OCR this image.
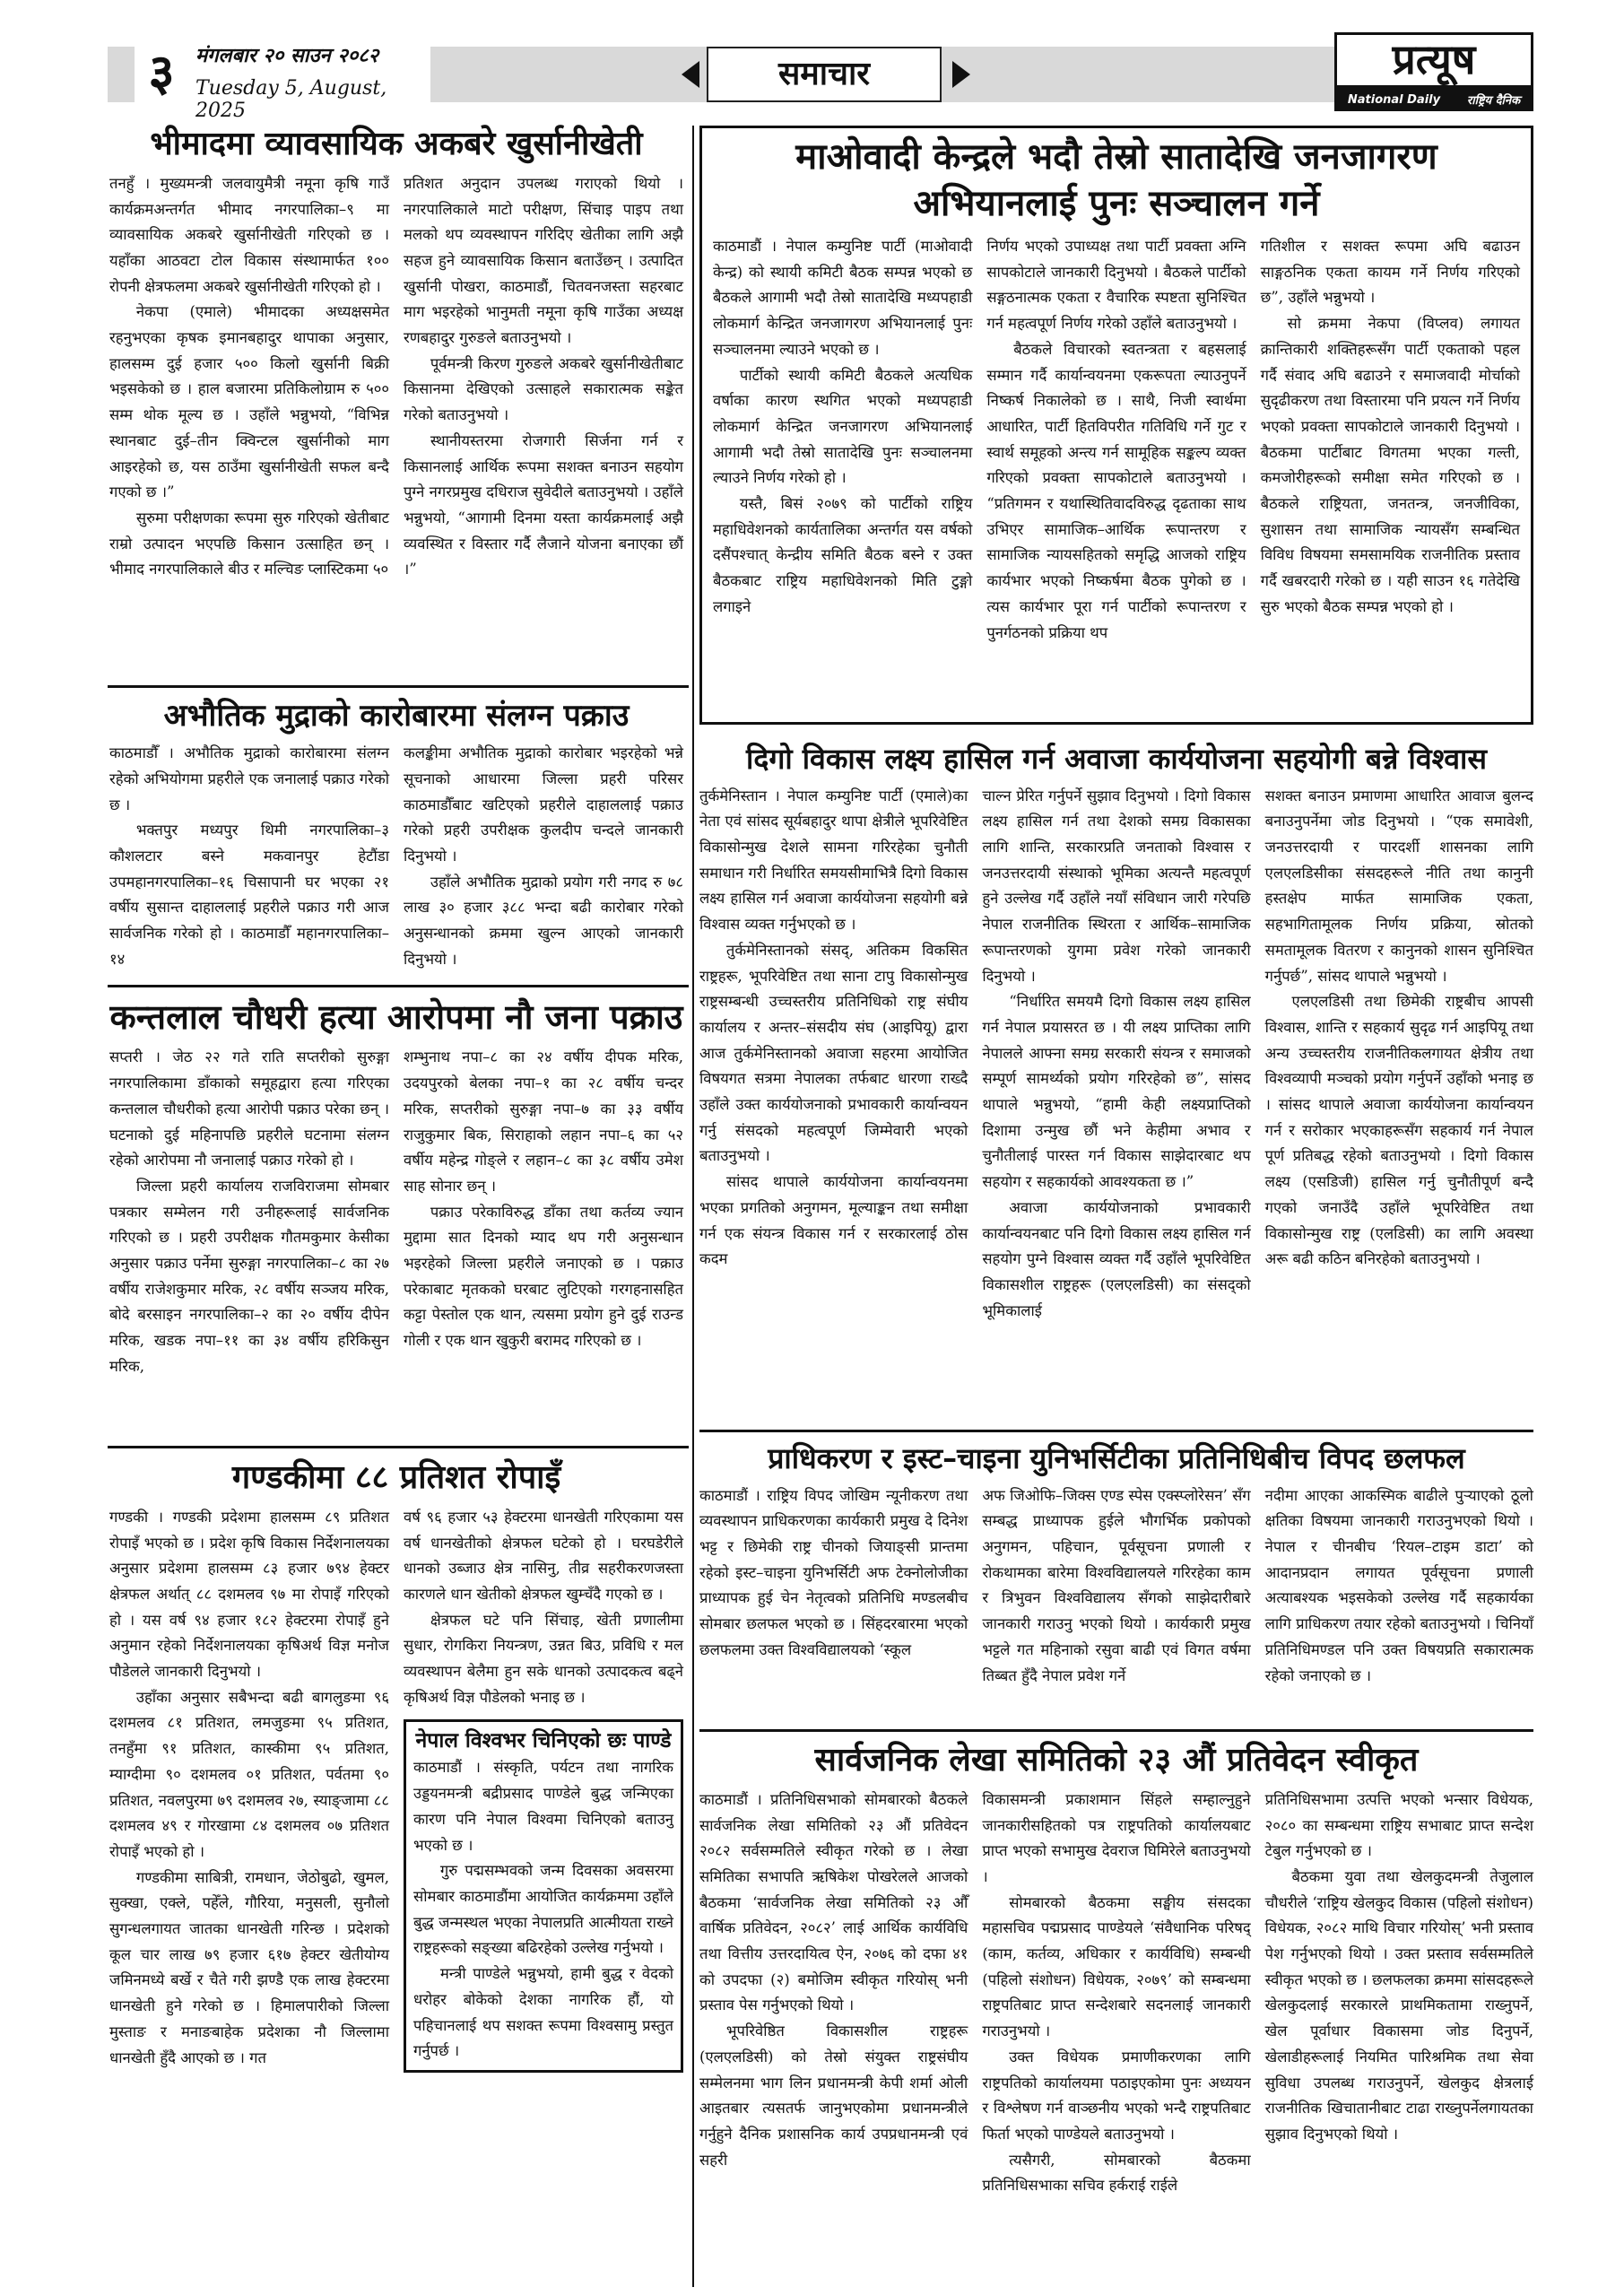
३	मंगलबार २० साउन २०८२
Tuesday 5, August, 2025
समाचार	प्रत्यूष
National Daily राष्ट्रिय दैनिक
भीमादमा व्यावसायिक अकबरे खुर्सानीखेती

तनहुँ । मुख्यमन्त्री जलवायुमैत्री नमूना कृषि गाउँ कार्यक्रमअन्तर्गत भीमाद नगरपालिका–९ मा व्यावसायिक अकबरे खुर्सानीखेती गरिएको छ । यहाँका आठवटा टोल विकास संस्थामार्फत १०० रोपनी क्षेत्रफलमा अकबरे खुर्सानीखेती गरिएको हो ।

नेकपा (एमाले) भीमादका अध्यक्षसमेत रहनुभएका कृषक इमानबहादुर थापाका अनुसार, हालसम्म दुई हजार ५०० किलो खुर्सानी बिक्री भइसकेको छ । हाल बजारमा प्रतिकिलोग्राम रु ५०० सम्म थोक मूल्य छ । उहाँले भन्नुभयो, “विभिन्न स्थानबाट दुई–तीन क्विन्टल खुर्सानीको माग आइरहेको छ, यस ठाउँमा खुर्सानीखेती सफल बन्दै गएको छ ।”

सुरुमा परीक्षणका रूपमा सुरु गरिएको खेतीबाट राम्रो उत्पादन भएपछि किसान उत्साहित छन् । भीमाद नगरपालिकाले बीउ र मल्चिङ प्लास्टिकमा ५०

प्रतिशत अनुदान उपलब्ध गराएको थियो । नगरपालिकाले माटो परीक्षण, सिंचाइ पाइप तथा मलको थप व्यवस्थापन गरिदिए खेतीका लागि अझै सहज हुने व्यावसायिक किसान बताउँछन् । उत्पादित खुर्सानी पोखरा, काठमाडौं, चितवनजस्ता सहरबाट माग भइरहेको भानुमती नमूना कृषि गाउँका अध्यक्ष रणबहादुर गुरुङले बताउनुभयो ।

पूर्वमन्त्री किरण गुरुङले अकबरे खुर्सानीखेतीबाट किसानमा देखिएको उत्साहले सकारात्मक सङ्केत गरेको बताउनुभयो ।

स्थानीयस्तरमा रोजगारी सिर्जना गर्न र किसानलाई आर्थिक रूपमा सशक्त बनाउन सहयोग पुग्ने नगरप्रमुख दधिराज सुवेदीले बताउनुभयो । उहाँले भन्नुभयो, “आगामी दिनमा यस्ता कार्यक्रमलाई अझै व्यवस्थित र विस्तार गर्दै लैजाने योजना बनाएका छौं ।”

अभौतिक मुद्राको कारोबारमा संलग्न पक्राउ

काठमाडौँ । अभौतिक मुद्राको कारोबारमा संलग्न रहेको अभियोगमा प्रहरीले एक जनालाई पक्राउ गरेको छ ।

भक्तपुर मध्यपुर थिमी नगरपालिका–३ कौशलटार बस्ने मकवानपुर हेटौंडा उपमहानगरपालिका–१६ चिसापानी घर भएका २१ वर्षीय सुसान्त दाहाललाई प्रहरीले पक्राउ गरी आज सार्वजनिक गरेको हो । काठमाडौँ महानगरपालिका–१४

कलङ्कीमा अभौतिक मुद्राको कारोबार भइरहेको भन्ने सूचनाको आधारमा जिल्ला प्रहरी परिसर काठमाडौँबाट खटिएको प्रहरीले दाहाललाई पक्राउ गरेको प्रहरी उपरीक्षक कुलदीप चन्दले जानकारी दिनुभयो ।

उहाँले अभौतिक मुद्राको प्रयोग गरी नगद रु ७८ लाख ३० हजार ३८८ भन्दा बढी कारोबार गरेको अनुसन्धानको क्रममा खुल्न आएको जानकारी दिनुभयो ।

कन्तलाल चौधरी हत्या आरोपमा नौ जना पक्राउ

सप्तरी । जेठ २२ गते राति सप्तरीको सुरुङ्गा नगरपालिकामा डाँकाको समूहद्वारा हत्या गरिएका कन्तलाल चौधरीको हत्या आरोपी पक्राउ परेका छन् । घटनाको दुई महिनापछि प्रहरीले घटनामा संलग्न रहेको आरोपमा नौ जनालाई पक्राउ गरेको हो ।

जिल्ला प्रहरी कार्यालय राजविराजमा सोमबार पत्रकार सम्मेलन गरी उनीहरूलाई सार्वजनिक गरिएको छ । प्रहरी उपरीक्षक गौतमकुमार केसीका अनुसार पक्राउ पर्नेमा सुरुङ्गा नगरपालिका–८ का २७ वर्षीय राजेशकुमार मरिक, २८ वर्षीय सञ्जय मरिक, बोदे बरसाइन नगरपालिका–२ का २० वर्षीय दीपेन मरिक, खडक नपा–११ का ३४ वर्षीय हरिकिसुन मरिक,

शम्भुनाथ नपा–८ का २४ वर्षीय दीपक मरिक, उदयपुरको बेलका नपा–१ का २८ वर्षीय चन्दर मरिक, सप्तरीको सुरुङ्गा नपा–७ का ३३ वर्षीय राजुकुमार बिक, सिराहाको लहान नपा–६ का ५२ वर्षीय महेन्द्र गोङ्ले र लहान–८ का ३८ वर्षीय उमेश साह सोनार छन् ।

पक्राउ परेकाविरुद्ध डाँका तथा कर्तव्य ज्यान मुद्दामा सात दिनको म्याद थप गरी अनुसन्धान भइरहेको जिल्ला प्रहरीले जनाएको छ । पक्राउ परेकाबाट मृतकको घरबाट लुटिएको गरगहनासहित कट्टा पेस्तोल एक थान, त्यसमा प्रयोग हुने दुई राउन्ड गोली र एक थान खुकुरी बरामद गरिएको छ ।

गण्डकीमा ८८ प्रतिशत रोपाइँ

गण्डकी । गण्डकी प्रदेशमा हालसम्म ८९ प्रतिशत रोपाइँ भएको छ । प्रदेश कृषि विकास निर्देशनालयका अनुसार प्रदेशमा हालसम्म ८३ हजार ७९४ हेक्टर क्षेत्रफल अर्थात् ८८ दशमलव ९७ मा रोपाइँ गरिएको हो । यस वर्ष ९४ हजार १८२ हेक्टरमा रोपाइँ हुने अनुमान रहेको निर्देशनालयका कृषिअर्थ विज्ञ मनोज पौडेलले जानकारी दिनुभयो ।

उहाँका अनुसार सबैभन्दा बढी बागलुङमा ९६ दशमलव ८१ प्रतिशत, लमजुङमा ९५ प्रतिशत, तनहुँमा ९१ प्रतिशत, कास्कीमा ९५ प्रतिशत, म्याग्दीमा ९० दशमलव ०१ प्रतिशत, पर्वतमा ९० प्रतिशत, नवलपुरमा ७९ दशमलव २७, स्याङ्जामा ८८ दशमलव ४९ र गोरखामा ८४ दशमलव ०७ प्रतिशत रोपाइँ भएको हो ।

गण्डकीमा साबित्री, रामधान, जेठोबुढो, खुमल, सुक्खा, एक्ले, पहेँले, गौरिया, मनुसली, सुनौलो सुगन्धलगायत जातका धानखेती गरिन्छ । प्रदेशको कूल चार लाख ७९ हजार ६१७ हेक्टर खेतीयोग्य जमिनमध्ये बर्खे र चैते गरी झण्डै एक लाख हेक्टरमा धानखेती हुने गरेको छ । हिमालपारीको जिल्ला मुस्ताङ र मनाङबाहेक प्रदेशका नौ जिल्लामा धानखेती हुँदै आएको छ । गत

वर्ष ९६ हजार ५३ हेक्टरमा धानखेती गरिएकामा यस वर्ष धानखेतीको क्षेत्रफल घटेको हो । घरघडेरीले धानको उब्जाउ क्षेत्र नासिनु, तीव्र सहरीकरणजस्ता कारणले धान खेतीको क्षेत्रफल खुम्चँदै गएको छ ।

क्षेत्रफल घटे पनि सिंचाइ, खेती प्रणालीमा सुधार, रोगकिरा नियन्त्रण, उन्नत बिउ, प्रविधि र मल व्यवस्थापन बेलैमा हुन सके धानको उत्पादकत्व बढ्ने कृषिअर्थ विज्ञ पौडेलको भनाइ छ ।

नेपाल विश्वभर चिनिएको छः पाण्डे

काठमाडौं । संस्कृति, पर्यटन तथा नागरिक उड्डयनमन्त्री बद्रीप्रसाद पाण्डेले बुद्ध जन्मिएका कारण पनि नेपाल विश्वमा चिनिएको बताउनु भएको छ ।

गुरु पद्मसम्भवको जन्म दिवसका अवसरमा सोमबार काठमाडौंमा आयोजित कार्यक्रममा उहाँले बुद्ध जन्मस्थल भएका नेपालप्रति आत्मीयता राख्ने राष्ट्रहरूको सङ्ख्या बढिरहेको उल्लेख गर्नुभयो ।

मन्त्री पाण्डेले भन्नुभयो, हामी बुद्ध र वेदको धरोहर बोकेको देशका नागरिक हौं, यो पहिचानलाई थप सशक्त रूपमा विश्वसामु प्रस्तुत गर्नुपर्छ ।

माओवादी केन्द्रले भदौ तेस्रो सातादेखि जनजागरण अभियानलाई पुनः सञ्चालन गर्ने

काठमाडौं । नेपाल कम्युनिष्ट पार्टी (माओवादी केन्द्र) को स्थायी कमिटी बैठक सम्पन्न भएको छ बैठकले आगामी भदौ तेस्रो सातादेखि मध्यपहाडी लोकमार्ग केन्द्रित जनजागरण अभियानलाई पुनः सञ्चालनमा ल्याउने भएको छ ।

पार्टीको स्थायी कमिटी बैठकले अत्यधिक वर्षाका कारण स्थगित भएको मध्यपहाडी लोकमार्ग केन्द्रित जनजागरण अभियानलाई आगामी भदौ तेस्रो सातादेखि पुनः सञ्चालनमा ल्याउने निर्णय गरेको हो ।

यस्तै, बिसं २०७९ को पार्टीको राष्ट्रिय महाधिवेशनको कार्यतालिका अन्तर्गत यस वर्षको दसैंपश्चात् केन्द्रीय समिति बैठक बस्ने र उक्त बैठकबाट राष्ट्रिय महाधिवेशनको मिति टुङ्गो लगाइने

निर्णय भएको उपाध्यक्ष तथा पार्टी प्रवक्ता अग्नि सापकोटाले जानकारी दिनुभयो । बैठकले पार्टीको सङ्गठनात्मक एकता र वैचारिक स्पष्टता सुनिश्चित गर्न महत्वपूर्ण निर्णय गरेको उहाँले बताउनुभयो ।

बैठकले विचारको स्वतन्त्रता र बहसलाई सम्मान गर्दै कार्यान्वयनमा एकरूपता ल्याउनुपर्ने निष्कर्ष निकालेको छ । साथै, निजी स्वार्थमा आधारित, पार्टी हितविपरीत गतिविधि गर्ने गुट र स्वार्थ समूहको अन्त्य गर्न सामूहिक सङ्कल्प व्यक्त गरिएको प्रवक्ता सापकोटाले बताउनुभयो । “प्रतिगमन र यथास्थितिवादविरुद्ध दृढताका साथ उभिएर सामाजिक–आर्थिक रूपान्तरण र सामाजिक न्यायसहितको समृद्धि आजको राष्ट्रिय कार्यभार भएको निष्कर्षमा बैठक पुगेको छ । त्यस कार्यभार पूरा गर्न पार्टीको रूपान्तरण र पुनर्गठनको प्रक्रिया थप

गतिशील र सशक्त रूपमा अघि बढाउन साङ्गठनिक एकता कायम गर्ने निर्णय गरिएको छ”, उहाँले भन्नुभयो ।

सो क्रममा नेकपा (विप्लव) लगायत क्रान्तिकारी शक्तिहरूसँग पार्टी एकताको पहल गर्दै संवाद अघि बढाउने र समाजवादी मोर्चाको सुदृढीकरण तथा विस्तारमा पनि प्रयत्न गर्ने निर्णय भएको प्रवक्ता सापकोटाले जानकारी दिनुभयो । बैठकमा पार्टीबाट विगतमा भएका गल्ती, कमजोरीहरूको समीक्षा समेत गरिएको छ । बैठकले राष्ट्रियता, जनतन्त्र, जनजीविका, सुशासन तथा सामाजिक न्यायसँग सम्बन्धित विविध विषयमा समसामयिक राजनीतिक प्रस्ताव गर्दै खबरदारी गरेको छ । यही साउन १६ गतेदेखि सुरु भएको बैठक सम्पन्न भएको हो ।

दिगो विकास लक्ष्य हासिल गर्न अवाजा कार्ययोजना सहयोगी बन्ने विश्वास

तुर्कमेनिस्तान । नेपाल कम्युनिष्ट पार्टी (एमाले)का नेता एवं सांसद सूर्यबहादुर थापा क्षेत्रीले भूपरिवेष्टित विकासोन्मुख देशले सामना गरिरहेका चुनौती समाधान गरी निर्धारित समयसीमाभित्रै दिगो विकास लक्ष्य हासिल गर्न अवाजा कार्ययोजना सहयोगी बन्ने विश्वास व्यक्त गर्नुभएको छ ।

तुर्कमेनिस्तानको संसद्, अतिकम विकसित राष्ट्रहरू, भूपरिवेष्टित तथा साना टापु विकासोन्मुख राष्ट्रसम्बन्धी उच्चस्तरीय प्रतिनिधिको राष्ट्र संघीय कार्यालय र अन्तर–संसदीय संघ (आइपियू) द्वारा आज तुर्कमेनिस्तानको अवाजा सहरमा आयोजित विषयगत सत्रमा नेपालका तर्फबाट धारणा राख्दै उहाँले उक्त कार्ययोजनाको प्रभावकारी कार्यान्वयन गर्नु संसदको महत्वपूर्ण जिम्मेवारी भएको बताउनुभयो ।

सांसद थापाले कार्ययोजना कार्यान्वयनमा भएका प्रगतिको अनुगमन, मूल्याङ्कन तथा समीक्षा गर्न एक संयन्त्र विकास गर्न र सरकारलाई ठोस कदम

चाल्न प्रेरित गर्नुपर्ने सुझाव दिनुभयो । दिगो विकास लक्ष्य हासिल गर्न तथा देशको समग्र विकासका लागि शान्ति, सरकारप्रति जनताको विश्वास र जनउत्तरदायी संस्थाको भूमिका अत्यन्तै महत्वपूर्ण हुने उल्लेख गर्दै उहाँले नयाँ संविधान जारी गरेपछि नेपाल राजनीतिक स्थिरता र आर्थिक–सामाजिक रूपान्तरणको युगमा प्रवेश गरेको जानकारी दिनुभयो ।

“निर्धारित समयमै दिगो विकास लक्ष्य हासिल गर्न नेपाल प्रयासरत छ । यी लक्ष्य प्राप्तिका लागि नेपालले आफ्ना समग्र सरकारी संयन्त्र र समाजको सम्पूर्ण सामर्थ्यको प्रयोग गरिरहेको छ”, सांसद थापाले भन्नुभयो, “हामी केही लक्ष्यप्राप्तिको दिशामा उन्मुख छौं भने केहीमा अभाव र चुनौतीलाई पारस्त गर्न विकास साझेदारबाट थप सहयोग र सहकार्यको आवश्यकता छ ।”

अवाजा कार्ययोजनाको प्रभावकारी कार्यान्वयनबाट पनि दिगो विकास लक्ष्य हासिल गर्न सहयोग पुग्ने विश्वास व्यक्त गर्दै उहाँले भूपरिवेष्टित विकासशील राष्ट्रहरू (एलएलडिसी) का संसद्को भूमिकालाई

सशक्त बनाउन प्रमाणमा आधारित आवाज बुलन्द बनाउनुपर्नेमा जोड दिनुभयो । “एक समावेशी, जनउत्तरदायी र पारदर्शी शासनका लागि एलएलडिसीका संसदहरूले नीति तथा कानुनी हस्तक्षेप मार्फत सामाजिक एकता, सहभागितामूलक निर्णय प्रक्रिया, स्रोतको समतामूलक वितरण र कानुनको शासन सुनिश्चित गर्नुपर्छ”, सांसद थापाले भन्नुभयो ।

एलएलडिसी तथा छिमेकी राष्ट्रबीच आपसी विश्वास, शान्ति र सहकार्य सुदृढ गर्न आइपियू तथा अन्य उच्चस्तरीय राजनीतिकलगायत क्षेत्रीय तथा विश्वव्यापी मञ्चको प्रयोग गर्नुपर्ने उहाँको भनाइ छ । सांसद थापाले अवाजा कार्ययोजना कार्यान्वयन गर्न र सरोकार भएकाहरूसँग सहकार्य गर्न नेपाल पूर्ण प्रतिबद्ध रहेको बताउनुभयो । दिगो विकास लक्ष्य (एसडिजी) हासिल गर्नु चुनौतीपूर्ण बन्दै गएको जनाउँदै उहाँले भूपरिवेष्टित तथा विकासोन्मुख राष्ट्र (एलडिसी) का लागि अवस्था अरू बढी कठिन बनिरहेको बताउनुभयो ।

प्राधिकरण र इस्ट–चाइना युनिभर्सिटीका प्रतिनिधिबीच विपद छलफल

काठमाडौं । राष्ट्रिय विपद जोखिम न्यूनीकरण तथा व्यवस्थापन प्राधिकरणका कार्यकारी प्रमुख दे दिनेश भट्ट र छिमेकी राष्ट्र चीनको जियाङ्सी प्रान्तमा रहेको इस्ट–चाइना युनिभर्सिटी अफ टेक्नोलोजीका प्राध्यापक हुई चेन नेतृत्वको प्रतिनिधि मण्डलबीच सोमबार छलफल भएको छ । सिंहदरबारमा भएको छलफलमा उक्त विश्वविद्यालयको ‘स्कूल

अफ जिओफि–जिक्स एण्ड स्पेस एक्स्प्लोरेसन’ सँग सम्बद्ध प्राध्यापक हुईले भौगर्भिक प्रकोपको अनुगमन, पहिचान, पूर्वसूचना प्रणाली र रोकथामका बारेमा विश्वविद्यालयले गरिरहेका काम र त्रिभुवन विश्वविद्यालय सँगको साझेदारीबारे जानकारी गराउनु भएको थियो । कार्यकारी प्रमुख भट्टले गत महिनाको रसुवा बाढी एवं विगत वर्षमा तिब्बत हुँदै नेपाल प्रवेश गर्ने

नदीमा आएका आकस्मिक बाढीले पुर्‍याएको ठूलो क्षतिका विषयमा जानकारी गराउनुभएको थियो । नेपाल र चीनबीच ‘रियल–टाइम डाटा’ को आदानप्रदान लगायत पूर्वसूचना प्रणाली अत्याबश्यक भइसकेको उल्लेख गर्दै सहकार्यका लागि प्राधिकरण तयार रहेको बताउनुभयो । चिनियाँ प्रतिनिधिमण्डल पनि उक्त विषयप्रति सकारात्मक रहेको जनाएको छ ।

सार्वजनिक लेखा समितिको २३ औं प्रतिवेदन स्वीकृत

काठमाडौं । प्रतिनिधिसभाको सोमबारको बैठकले सार्वजनिक लेखा समितिको २३ औं प्रतिवेदन २०८२ सर्वसम्मतिले स्वीकृत गरेको छ । लेखा समितिका सभापति ऋषिकेश पोखरेलले आजको बैठकमा ‘सार्वजनिक लेखा समितिको २३ औँ वार्षिक प्रतिवेदन, २०८२’ लाई आर्थिक कार्यविधि तथा वित्तीय उत्तरदायित्व ऐन, २०७६ को दफा ४१ को उपदफा (२) बमोजिम स्वीकृत गरियोस् भनी प्रस्ताव पेस गर्नुभएको थियो ।

भूपरिवेष्ठित विकासशील राष्ट्रहरू (एलएलडिसी) को तेस्रो संयुक्त राष्ट्रसंघीय सम्मेलनमा भाग लिन प्रधानमन्त्री केपी शर्मा ओली आइतबार त्यसतर्फ जानुभएकोमा प्रधानमन्त्रीले गर्नुहुने दैनिक प्रशासनिक कार्य उपप्रधानमन्त्री एवं सहरी

विकासमन्त्री प्रकाशमान सिंहले सम्हाल्नुहुने जानकारीसहितको पत्र राष्ट्रपतिको कार्यालयबाट प्राप्त भएको सभामुख देवराज घिमिरेले बताउनुभयो ।

सोमबारको बैठकमा सङ्घीय संसदका महासचिव पद्मप्रसाद पाण्डेयले ‘संवैधानिक परिषद् (काम, कर्तव्य, अधिकार र कार्यविधि) सम्बन्धी (पहिलो संशोधन) विधेयक, २०७९’ को सम्बन्धमा राष्ट्रपतिबाट प्राप्त सन्देशबारे सदनलाई जानकारी गराउनुभयो ।

उक्त विधेयक प्रमाणीकरणका लागि राष्ट्रपतिको कार्यालयमा पठाइएकोमा पुनः अध्ययन र विश्लेषण गर्न वाञ्छनीय भएको भन्दै राष्ट्रपतिबाट फिर्ता भएको पाण्डेयले बताउनुभयो ।

त्यसैगरी, सोमबारको बैठकमा प्रतिनिधिसभाका सचिव हर्कराई राईले

प्रतिनिधिसभामा उत्पत्ति भएको भन्सार विधेयक, २०८० का सम्बन्धमा राष्ट्रिय सभाबाट प्राप्त सन्देश टेबुल गर्नुभएको छ ।

बैठकमा युवा तथा खेलकुदमन्त्री तेजुलाल चौधरीले ‘राष्ट्रिय खेलकुद विकास (पहिलो संशोधन) विधेयक, २०८२ माथि विचार गरियोस्’ भनी प्रस्ताव पेश गर्नुभएको थियो । उक्त प्रस्ताव सर्वसम्मतिले स्वीकृत भएको छ । छलफलका क्रममा सांसदहरूले खेलकुदलाई सरकारले प्राथमिकतामा राख्नुपर्ने, खेल पूर्वाधार विकासमा जोड दिनुपर्ने, खेलाडीहरूलाई नियमित पारिश्रमिक तथा सेवा सुविधा उपलब्ध गराउनुपर्ने, खेलकुद क्षेत्रलाई राजनीतिक खिचातानीबाट टाढा राख्नुपर्नेलगायतका सुझाव दिनुभएको थियो ।
